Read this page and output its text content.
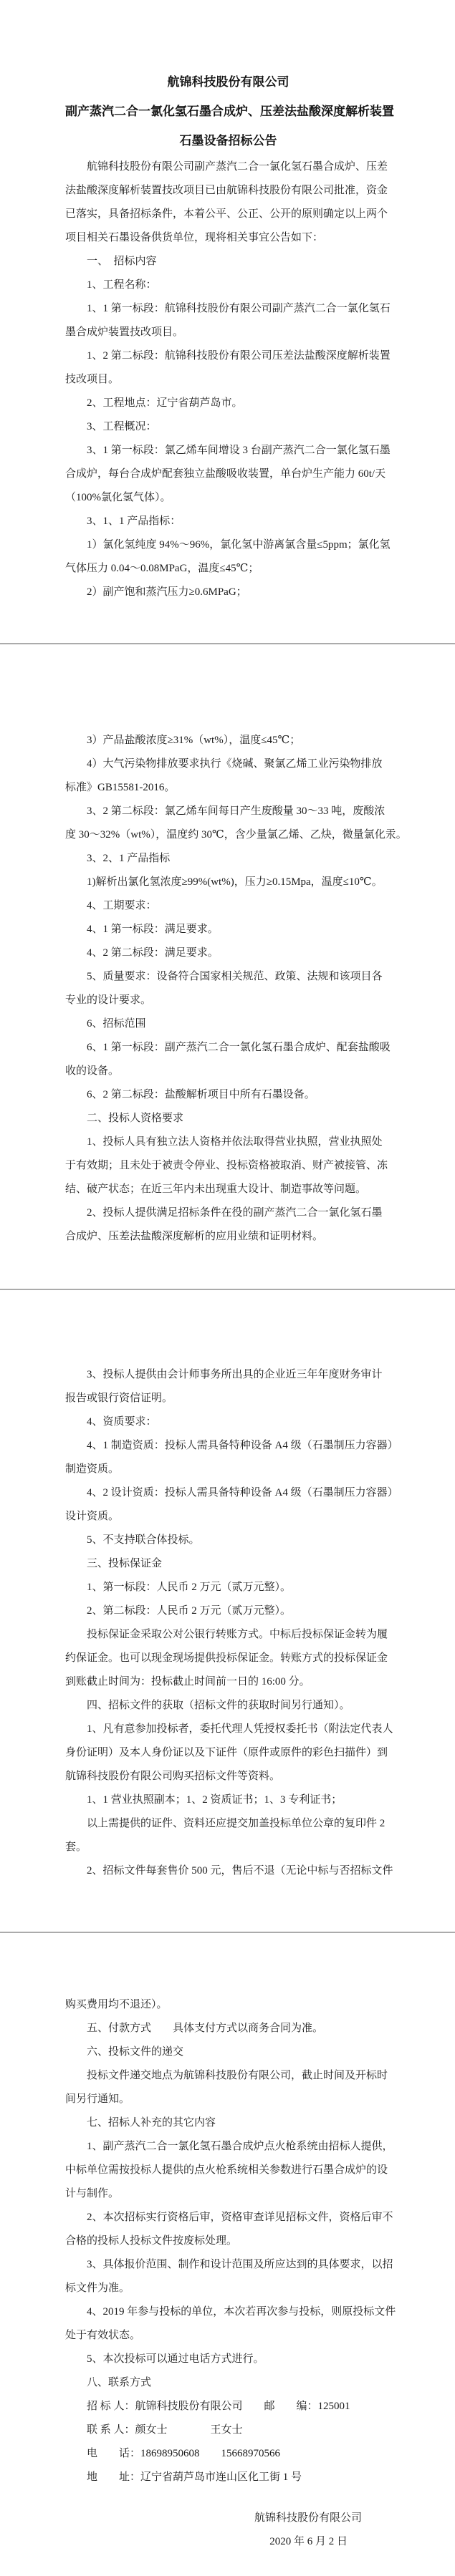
航锦科技股份有限公司
副产蒸汽二合一氯化氢石墨合成炉、压差法盐酸深度解析装置
石墨设备招标公告
航锦科技股份有限公司副产蒸汽二合一氯化氢石墨合成炉、压差
法盐酸深度解析装置技改项目已由航锦科技股份有限公司批准，资金
已落实，具备招标条件，本着公平、公正、公开的原则确定以上两个
项目相关石墨设备供货单位，现将相关事宜公告如下：
一、　招标内容
1、工程名称：
1、1 第一标段：航锦科技股份有限公司副产蒸汽二合一氯化氢石
墨合成炉装置技改项目。
1、2 第二标段：航锦科技股份有限公司压差法盐酸深度解析装置
技改项目。
2、工程地点：辽宁省葫芦岛市。
3、工程概况：
3、1 第一标段：氯乙烯车间增设 3 台副产蒸汽二合一氯化氢石墨
合成炉，每台合成炉配套独立盐酸吸收装置，单台炉生产能力 60t/天
（100%氯化氢气体）。
3、1、1 产品指标：
1）氯化氢纯度 94%～96%，氯化氢中游离氯含量≤5ppm；氯化氢
气体压力 0.04～0.08MPaG，温度≤45℃；
2）副产饱和蒸汽压力≥0.6MPaG；
3）产品盐酸浓度≥31%（wt%），温度≤45℃；
4）大气污染物排放要求执行《烧碱、聚氯乙烯工业污染物排放
标准》GB15581-2016。
3、2 第二标段：氯乙烯车间每日产生废酸量 30～33 吨，废酸浓
度 30～32%（wt%），温度约 30℃，含少量氯乙烯、乙炔，微量氯化汞。
3、2、1 产品指标
1)解析出氯化氢浓度≥99%(wt%)，压力≥0.15Mpa，温度≤10℃。
4、工期要求：
4、1 第一标段：满足要求。
4、2 第二标段：满足要求。
5、质量要求：设备符合国家相关规范、政策、法规和该项目各
专业的设计要求。
6、招标范围
6、1 第一标段：副产蒸汽二合一氯化氢石墨合成炉、配套盐酸吸
收的设备。
6、2 第二标段：盐酸解析项目中所有石墨设备。
二、投标人资格要求
1、投标人具有独立法人资格并依法取得营业执照，营业执照处
于有效期；且未处于被责令停业、投标资格被取消、财产被接管、冻
结、破产状态；在近三年内未出现重大设计、制造事故等问题。
2、投标人提供满足招标条件在役的副产蒸汽二合一氯化氢石墨
合成炉、压差法盐酸深度解析的应用业绩和证明材料。
3、投标人提供由会计师事务所出具的企业近三年年度财务审计
报告或银行资信证明。
4、资质要求：
4、1 制造资质：投标人需具备特种设备 A4 级（石墨制压力容器）
制造资质。
4、2 设计资质：投标人需具备特种设备 A4 级（石墨制压力容器）
设计资质。
5、不支持联合体投标。
三、投标保证金
1、第一标段：人民币 2 万元（贰万元整）。
2、第二标段：人民币 2 万元（贰万元整）。
投标保证金采取公对公银行转账方式。中标后投标保证金转为履
约保证金。也可以现金现场提供投标保证金。转账方式的投标保证金
到账截止时间为：投标截止时间前一日的 16:00 分。
四、招标文件的获取（招标文件的获取时间另行通知）。
1、凡有意参加投标者，委托代理人凭授权委托书（附法定代表人
身份证明）及本人身份证以及下证件（原件或原件的彩色扫描件）到
航锦科技股份有限公司购买招标文件等资料。
1、1 营业执照副本；1、2 资质证书；1、3 专利证书；
以上需提供的证件、资料还应提交加盖投标单位公章的复印件 2
套。
2、招标文件每套售价 500 元，售后不退（无论中标与否招标文件
购买费用均不退还）。
五、付款方式　　具体支付方式以商务合同为准。
六、投标文件的递交
投标文件递交地点为航锦科技股份有限公司，截止时间及开标时
间另行通知。
七、招标人补充的其它内容
1、副产蒸汽二合一氯化氢石墨合成炉点火枪系统由招标人提供，
中标单位需按投标人提供的点火枪系统相关参数进行石墨合成炉的设
计与制作。
2、本次招标实行资格后审，资格审查详见招标文件，资格后审不
合格的投标人投标文件按废标处理。
3、具体报价范围、制作和设计范围及所应达到的具体要求，以招
标文件为准。
4、2019 年参与投标的单位，本次若再次参与投标，则原投标文件
处于有效状态。
5、本次投标可以通过电话方式进行。
八、联系方式
招 标 人：航锦科技股份有限公司　　邮　　编：125001
联 系 人：颜女士　　　　王女士
电　　话：18698950608　　15668970566
地　　址：辽宁省葫芦岛市连山区化工街 1 号
航锦科技股份有限公司
2020 年 6 月 2 日
